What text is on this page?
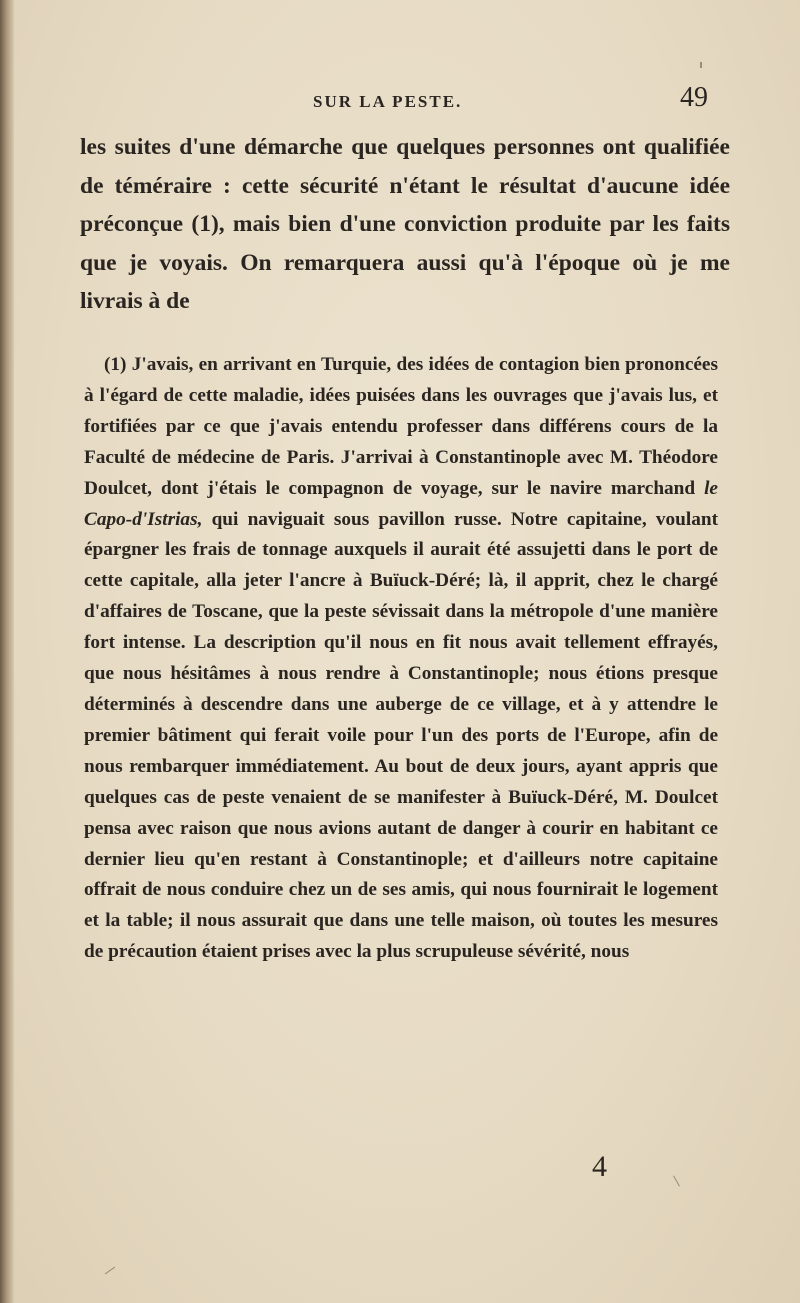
SUR LA PESTE.	49

les suites d'une démarche que quelques personnes ont qualifiée de téméraire : cette sécurité n'étant le résultat d'aucune idée préconçue (1), mais bien d'une conviction produite par les faits que je voyais. On remarquera aussi qu'à l'époque où je me livrais à de

(1) J'avais, en arrivant en Turquie, des idées de contagion bien prononcées à l'égard de cette maladie, idées puisées dans les ouvrages que j'avais lus, et fortifiées par ce que j'avais entendu professer dans différens cours de la Faculté de médecine de Paris. J'arrivai à Constantinople avec M. Théodore Doulcet, dont j'étais le compagnon de voyage, sur le navire marchand le Capo-d'Istrias, qui naviguait sous pavillon russe. Notre capitaine, voulant épargner les frais de tonnage auxquels il aurait été assujetti dans le port de cette capitale, alla jeter l'ancre à Buïuck-Déré; là, il apprit, chez le chargé d'affaires de Toscane, que la peste sévissait dans la métropole d'une manière fort intense. La description qu'il nous en fit nous avait tellement effrayés, que nous hésitâmes à nous rendre à Constantinople; nous étions presque déterminés à descendre dans une auberge de ce village, et à y attendre le premier bâtiment qui ferait voile pour l'un des ports de l'Europe, afin de nous rembarquer immédiatement. Au bout de deux jours, ayant appris que quelques cas de peste venaient de se manifester à Buïuck-Déré, M. Doulcet pensa avec raison que nous avions autant de danger à courir en habitant ce dernier lieu qu'en restant à Constantinople; et d'ailleurs notre capitaine offrait de nous conduire chez un de ses amis, qui nous fournirait le logement et la table; il nous assurait que dans une telle maison, où toutes les mesures de précaution étaient prises avec la plus scrupuleuse sévérité, nous

4
